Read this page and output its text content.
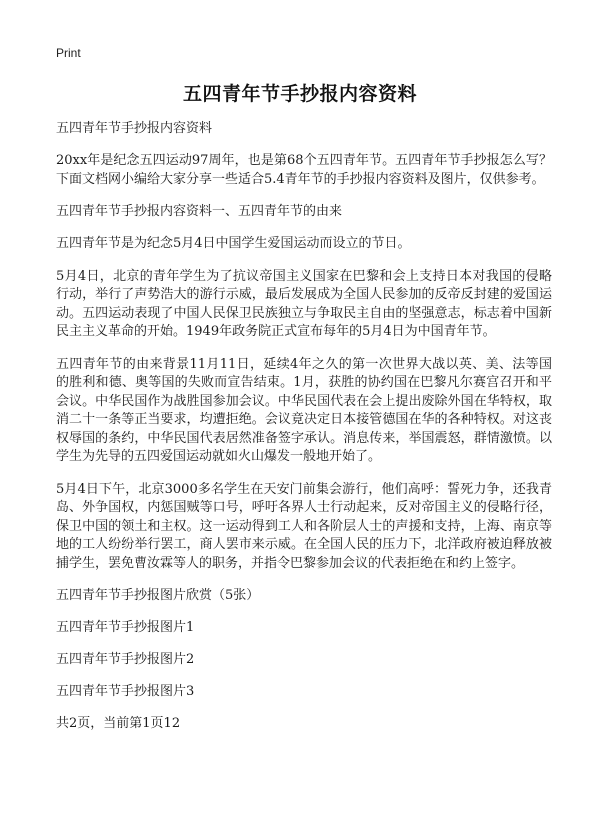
Print
五四青年节手抄报内容资料

五四青年节手抄报内容资料

20xx年是纪念五四运动97周年，也是第68个五四青年节。五四青年节手抄报怎么写？下面文档网小编给大家分享一些适合5.4青年节的手抄报内容资料及图片，仅供参考。

五四青年节手抄报内容资料一、五四青年节的由来

五四青年节是为纪念5月4日中国学生爱国运动而设立的节日。

5月4日，北京的青年学生为了抗议帝国主义国家在巴黎和会上支持日本对我国的侵略行动，举行了声势浩大的游行示威，最后发展成为全国人民参加的反帝反封建的爱国运动。五四运动表现了中国人民保卫民族独立与争取民主自由的坚强意志，标志着中国新民主主义革命的开始。1949年政务院正式宣布每年的5月4日为中国青年节。

五四青年节的由来背景11月11日，延续4年之久的第一次世界大战以英、美、法等国的胜利和德、奥等国的失败而宣告结束。1月，获胜的协约国在巴黎凡尔赛宫召开和平会议。中华民国作为战胜国参加会议。中华民国代表在会上提出废除外国在华特权，取消二十一条等正当要求，均遭拒绝。会议竟决定日本接管德国在华的各种特权。对这丧权辱国的条约，中华民国代表居然准备签字承认。消息传来，举国震怒，群情激愤。以学生为先导的五四爱国运动就如火山爆发一般地开始了。

5月4日下午，北京3000多名学生在天安门前集会游行，他们高呼：誓死力争，还我青岛、外争国权，内惩国贼等口号，呼吁各界人士行动起来，反对帝国主义的侵略行径，保卫中国的领土和主权。这一运动得到工人和各阶层人士的声援和支持，上海、南京等地的工人纷纷举行罢工，商人罢市来示威。在全国人民的压力下，北洋政府被迫释放被捕学生，罢免曹汝霖等人的职务，并指令巴黎参加会议的代表拒绝在和约上签字。

五四青年节手抄报图片欣赏（5张）

五四青年节手抄报图片1

五四青年节手抄报图片2

五四青年节手抄报图片3

共2页，当前第1页12
